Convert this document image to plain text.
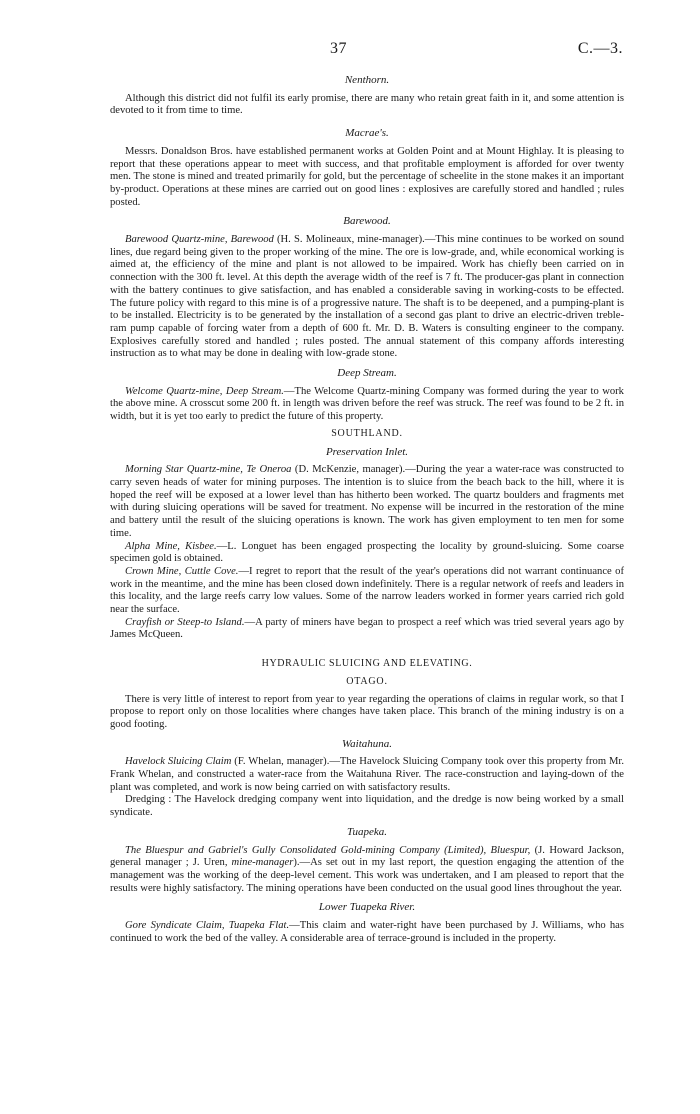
37	C.—3.
Nenthorn.

Although this district did not fulfil its early promise, there are many who retain great faith in it, and some attention is devoted to it from time to time.

Macrae's.

Messrs. Donaldson Bros. have established permanent works at Golden Point and at Mount Highlay. It is pleasing to report that these operations appear to meet with success, and that profitable employment is afforded for over twenty men. The stone is mined and treated primarily for gold, but the percentage of scheelite in the stone makes it an important by-product. Operations at these mines are carried out on good lines : explosives are carefully stored and handled ; rules posted.

Barewood.

Barewood Quartz-mine, Barewood (H. S. Molineaux, mine-manager).—This mine continues to be worked on sound lines, due regard being given to the proper working of the mine. The ore is low-grade, and, while economical working is aimed at, the efficiency of the mine and plant is not allowed to be impaired. Work has chiefly been carried on in connection with the 300 ft. level. At this depth the average width of the reef is 7 ft. The producer-gas plant in connection with the battery continues to give satisfaction, and has enabled a considerable saving in working-costs to be effected. The future policy with regard to this mine is of a progressive nature. The shaft is to be deepened, and a pumping-plant is to be installed. Electricity is to be generated by the installation of a second gas plant to drive an electric-driven treble-ram pump capable of forcing water from a depth of 600 ft. Mr. D. B. Waters is consulting engineer to the company. Explosives carefully stored and handled ; rules posted. The annual statement of this company affords interesting instruction as to what may be done in dealing with low-grade stone.

Deep Stream.

Welcome Quartz-mine, Deep Stream.—The Welcome Quartz-mining Company was formed during the year to work the above mine. A crosscut some 200 ft. in length was driven before the reef was struck. The reef was found to be 2 ft. in width, but it is yet too early to predict the future of this property.

SOUTHLAND.
Preservation Inlet.

Morning Star Quartz-mine, Te Oneroa (D. McKenzie, manager).—During the year a water-race was constructed to carry seven heads of water for mining purposes. The intention is to sluice from the beach back to the hill, where it is hoped the reef will be exposed at a lower level than has hitherto been worked. The quartz boulders and fragments met with during sluicing operations will be saved for treatment. No expense will be incurred in the restoration of the mine and battery until the result of the sluicing operations is known. The work has given employment to ten men for some time.

Alpha Mine, Kisbee.—L. Longuet has been engaged prospecting the locality by ground-sluicing. Some coarse specimen gold is obtained.

Crown Mine, Cuttle Cove.—I regret to report that the result of the year's operations did not warrant continuance of work in the meantime, and the mine has been closed down indefinitely. There is a regular network of reefs and leaders in this locality, and the large reefs carry low values. Some of the narrow leaders worked in former years carried rich gold near the surface.

Crayfish or Steep-to Island.—A party of miners have began to prospect a reef which was tried several years ago by James McQueen.

HYDRAULIC SLUICING AND ELEVATING.
OTAGO.

There is very little of interest to report from year to year regarding the operations of claims in regular work, so that I propose to report only on those localities where changes have taken place. This branch of the mining industry is on a good footing.

Waitahuna.

Havelock Sluicing Claim (F. Whelan, manager).—The Havelock Sluicing Company took over this property from Mr. Frank Whelan, and constructed a water-race from the Waitahuna River. The race-construction and laying-down of the plant was completed, and work is now being carried on with satisfactory results.

Dredging : The Havelock dredging company went into liquidation, and the dredge is now being worked by a small syndicate.

Tuapeka.

The Bluespur and Gabriel's Gully Consolidated Gold-mining Company (Limited), Bluespur, (J. Howard Jackson, general manager ; J. Uren, mine-manager).—As set out in my last report, the question engaging the attention of the management was the working of the deep-level cement. This work was undertaken, and I am pleased to report that the results were highly satisfactory. The mining operations have been conducted on the usual good lines throughout the year.

Lower Tuapeka River.

Gore Syndicate Claim, Tuapeka Flat.—This claim and water-right have been purchased by J. Williams, who has continued to work the bed of the valley. A considerable area of terrace-ground is included in the property.
